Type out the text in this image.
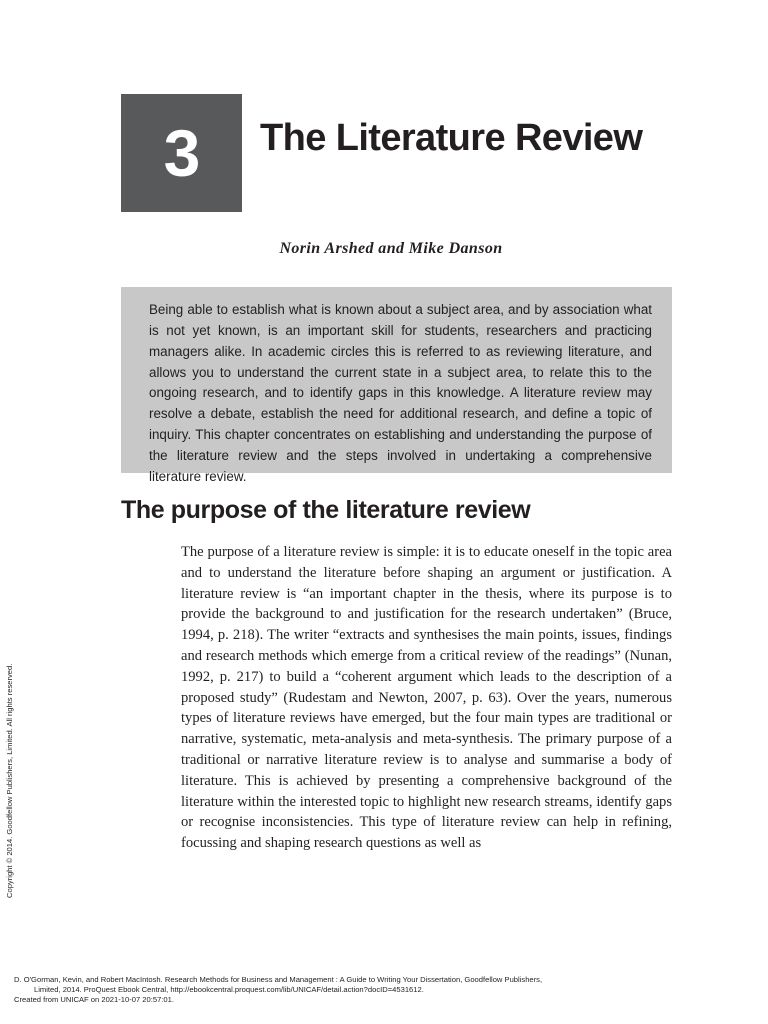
3 The Literature Review
Norin Arshed and Mike Danson

Being able to establish what is known about a subject area, and by association what is not yet known, is an important skill for students, researchers and practicing managers alike. In academic circles this is referred to as reviewing literature, and allows you to understand the current state in a subject area, to relate this to the ongoing research, and to identify gaps in this knowledge. A literature review may resolve a debate, establish the need for additional research, and define a topic of inquiry. This chapter concentrates on establishing and understanding the purpose of the literature review and the steps involved in undertaking a comprehensive literature review.

The purpose of the literature review

The purpose of a literature review is simple: it is to educate oneself in the topic area and to understand the literature before shaping an argument or justification. A literature review is “an important chapter in the thesis, where its purpose is to provide the background to and justification for the research undertaken” (Bruce, 1994, p. 218). The writer “extracts and synthesises the main points, issues, findings and research methods which emerge from a critical review of the readings” (Nunan, 1992, p. 217) to build a “coherent argument which leads to the description of a proposed study” (Rudestam and Newton, 2007, p. 63). Over the years, numerous types of literature reviews have emerged, but the four main types are traditional or narrative, systematic, meta-analysis and meta-synthesis. The primary purpose of a traditional or narrative literature review is to analyse and summarise a body of literature. This is achieved by presenting a comprehensive background of the literature within the interested topic to highlight new research streams, identify gaps or recognise inconsistencies. This type of literature review can help in refining, focussing and shaping research questions as well as

Copyright © 2014. Goodfellow Publishers, Limited. All rights reserved.
D. O'Gorman, Kevin, and Robert MacIntosh. Research Methods for Business and Management : A Guide to Writing Your Dissertation, Goodfellow Publishers,
Limited, 2014. ProQuest Ebook Central, http://ebookcentral.proquest.com/lib/UNICAF/detail.action?docID=4531612.
Created from UNICAF on 2021-10-07 20:57:01.
